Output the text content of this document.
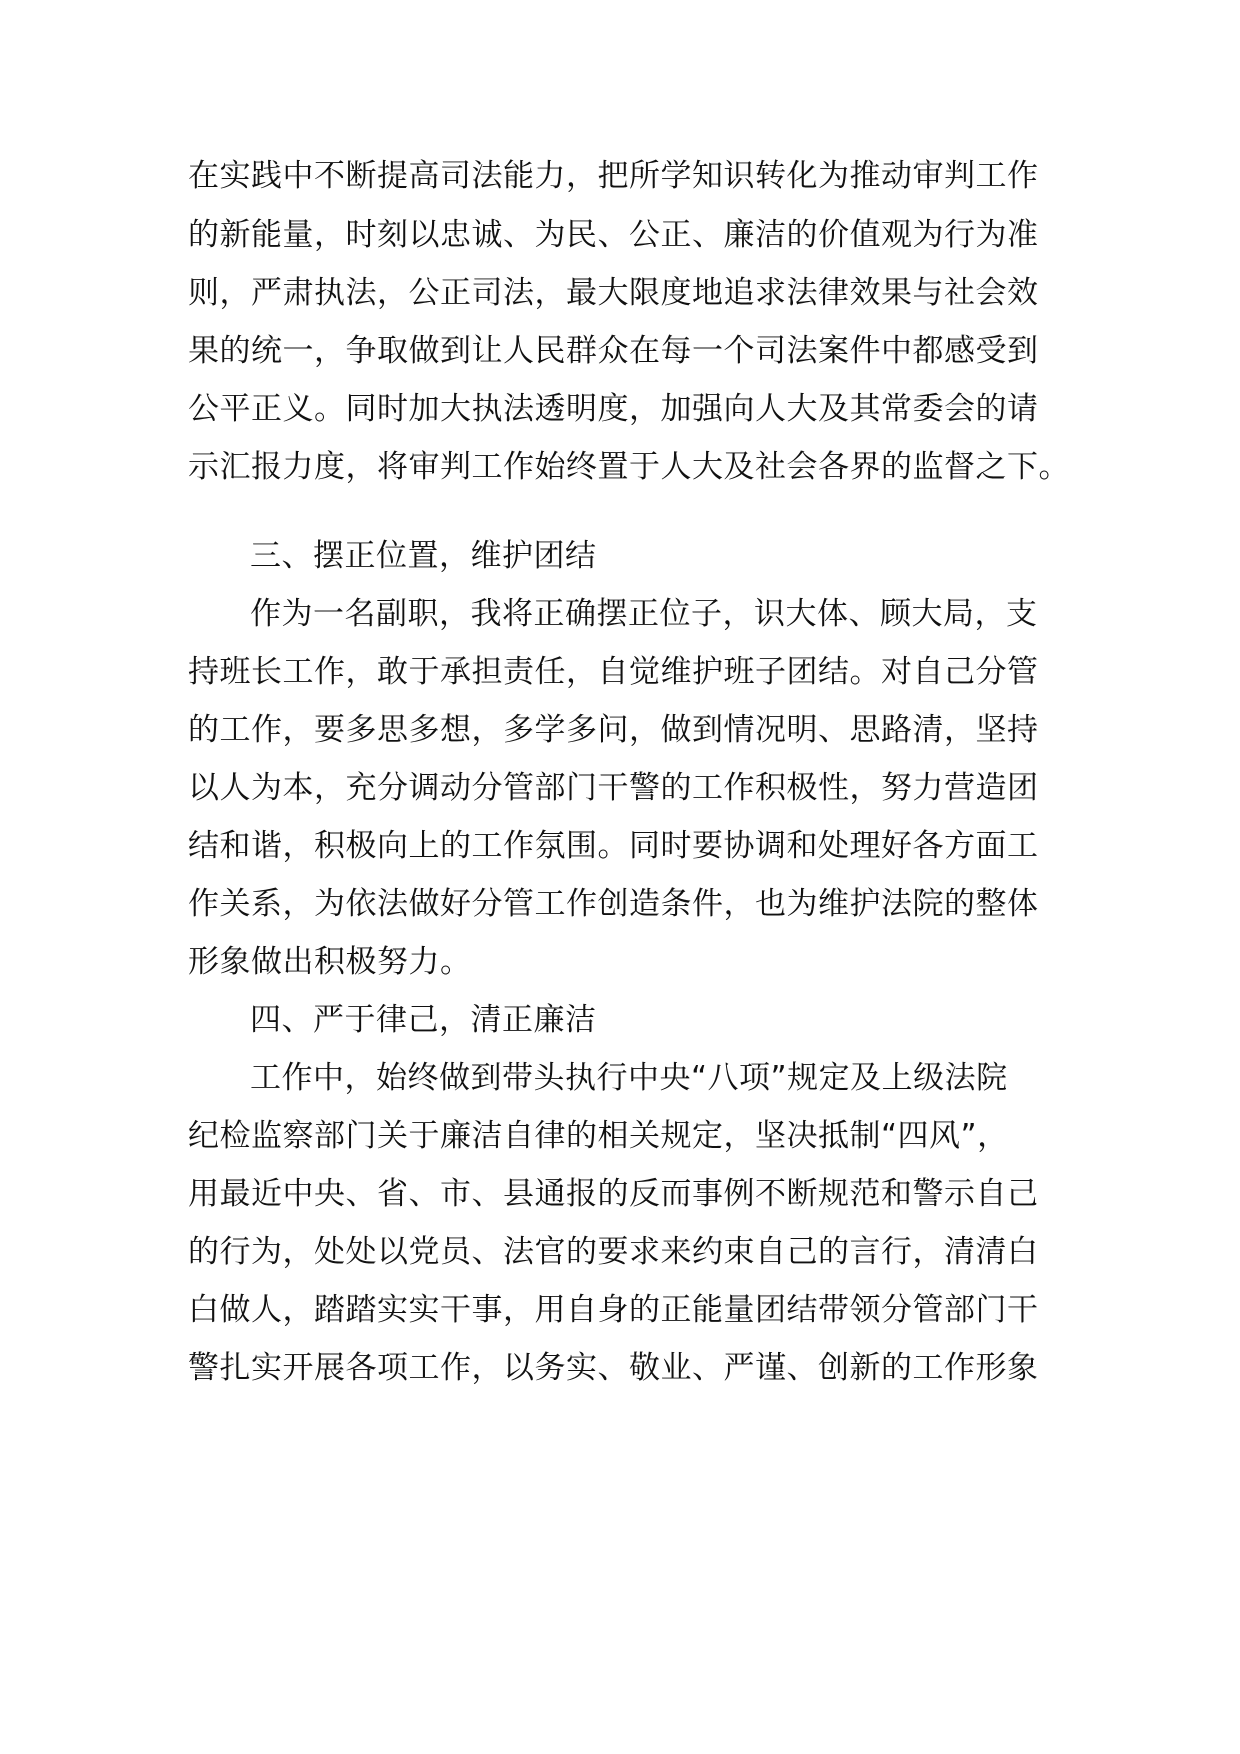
在实践中不断提高司法能力，把所学知识转化为推动审判工作
的新能量，时刻以忠诚、为民、公正、廉洁的价值观为行为准
则，严肃执法，公正司法，最大限度地追求法律效果与社会效
果的统一，争取做到让人民群众在每一个司法案件中都感受到
公平正义。同时加大执法透明度，加强向人大及其常委会的请
示汇报力度，将审判工作始终置于人大及社会各界的监督之下。
三、摆正位置，维护团结
作为一名副职，我将正确摆正位子，识大体、顾大局，支
持班长工作，敢于承担责任，自觉维护班子团结。对自己分管
的工作，要多思多想，多学多问，做到情况明、思路清，坚持
以人为本，充分调动分管部门干警的工作积极性，努力营造团
结和谐，积极向上的工作氛围。同时要协调和处理好各方面工
作关系，为依法做好分管工作创造条件，也为维护法院的整体
形象做出积极努力。
四、严于律己，清正廉洁
工作中，始终做到带头执行中央“八项”规定及上级法院
纪检监察部门关于廉洁自律的相关规定，坚决抵制“四风”，
用最近中央、省、市、县通报的反而事例不断规范和警示自己
的行为，处处以党员、法官的要求来约束自己的言行，清清白
白做人，踏踏实实干事，用自身的正能量团结带领分管部门干
警扎实开展各项工作，以务实、敬业、严谨、创新的工作形象
